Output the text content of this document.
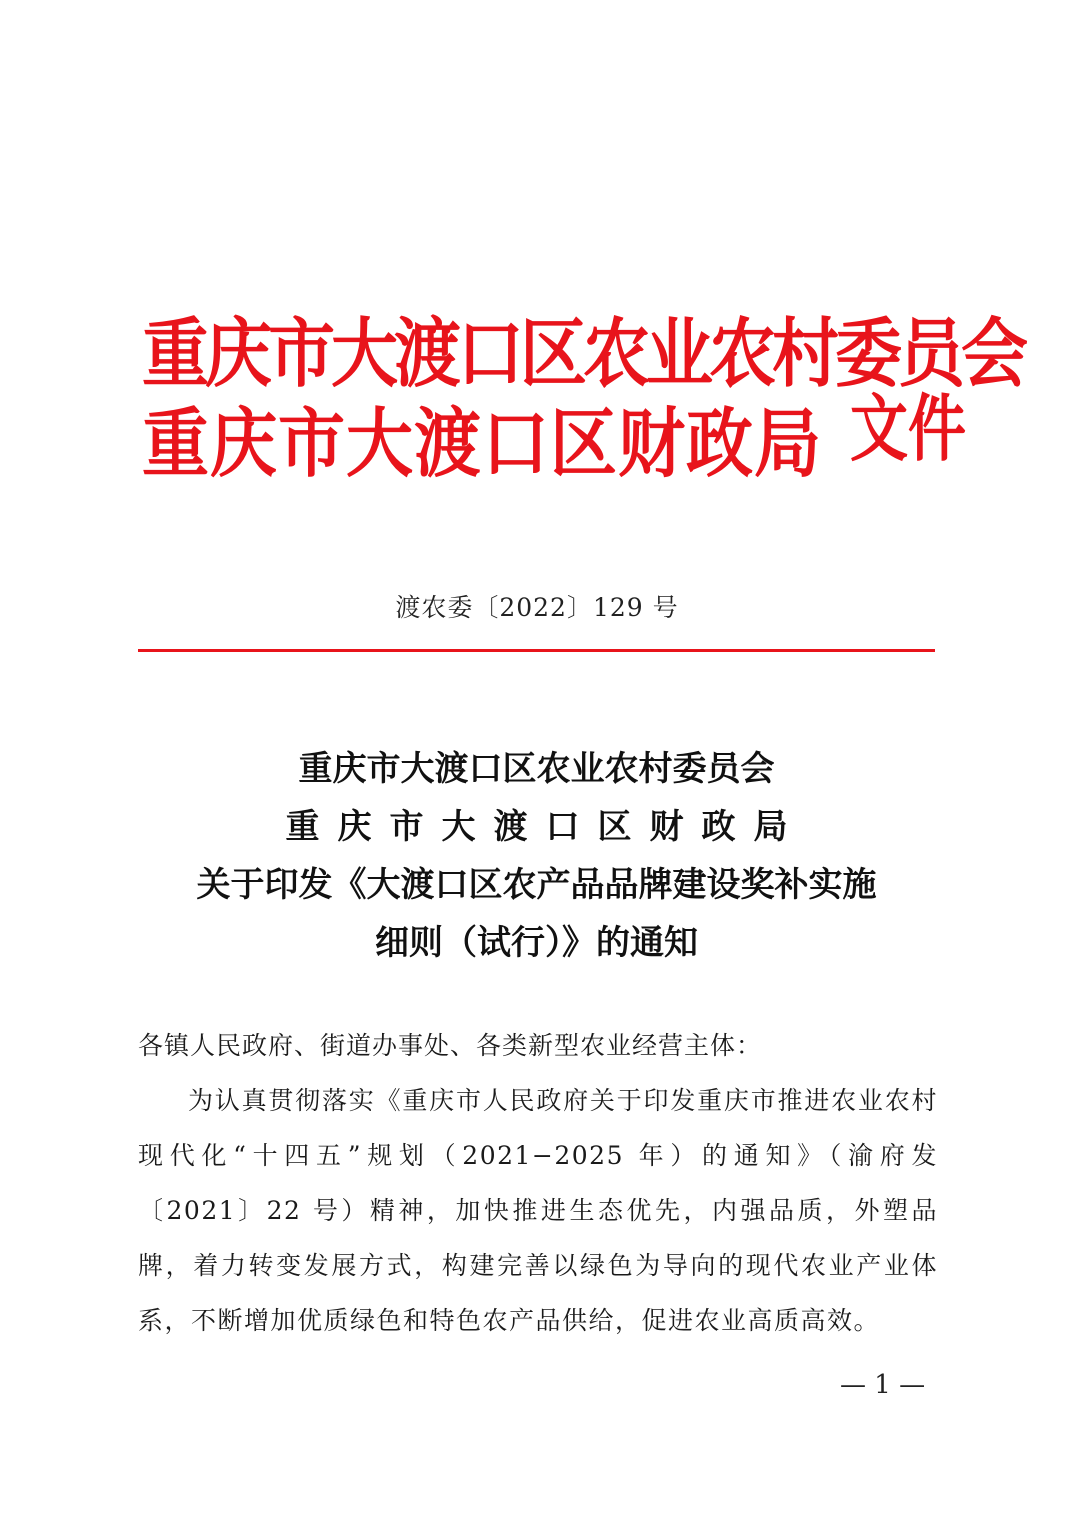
重庆市大渡口区农业农村委员会
重庆市大渡口区财政局 文件
渡农委〔2022〕129 号
重庆市大渡口区农业农村委员会
重庆市大渡口区财政局
关于印发《大渡口区农产品品牌建设奖补实施
细则（试行）》的通知
各镇人民政府、街道办事处、各类新型农业经营主体：
为认真贯彻落实《重庆市人民政府关于印发重庆市推进农业农村现代化“十四五”规划（2021−2025 年）的通知》（渝府发〔2021〕22 号）精神，加快推进生态优先，内强品质，外塑品牌，着力转变发展方式，构建完善以绿色为导向的现代农业产业体系，不断增加优质绿色和特色农产品供给，促进农业高质高效。
— 1 —
